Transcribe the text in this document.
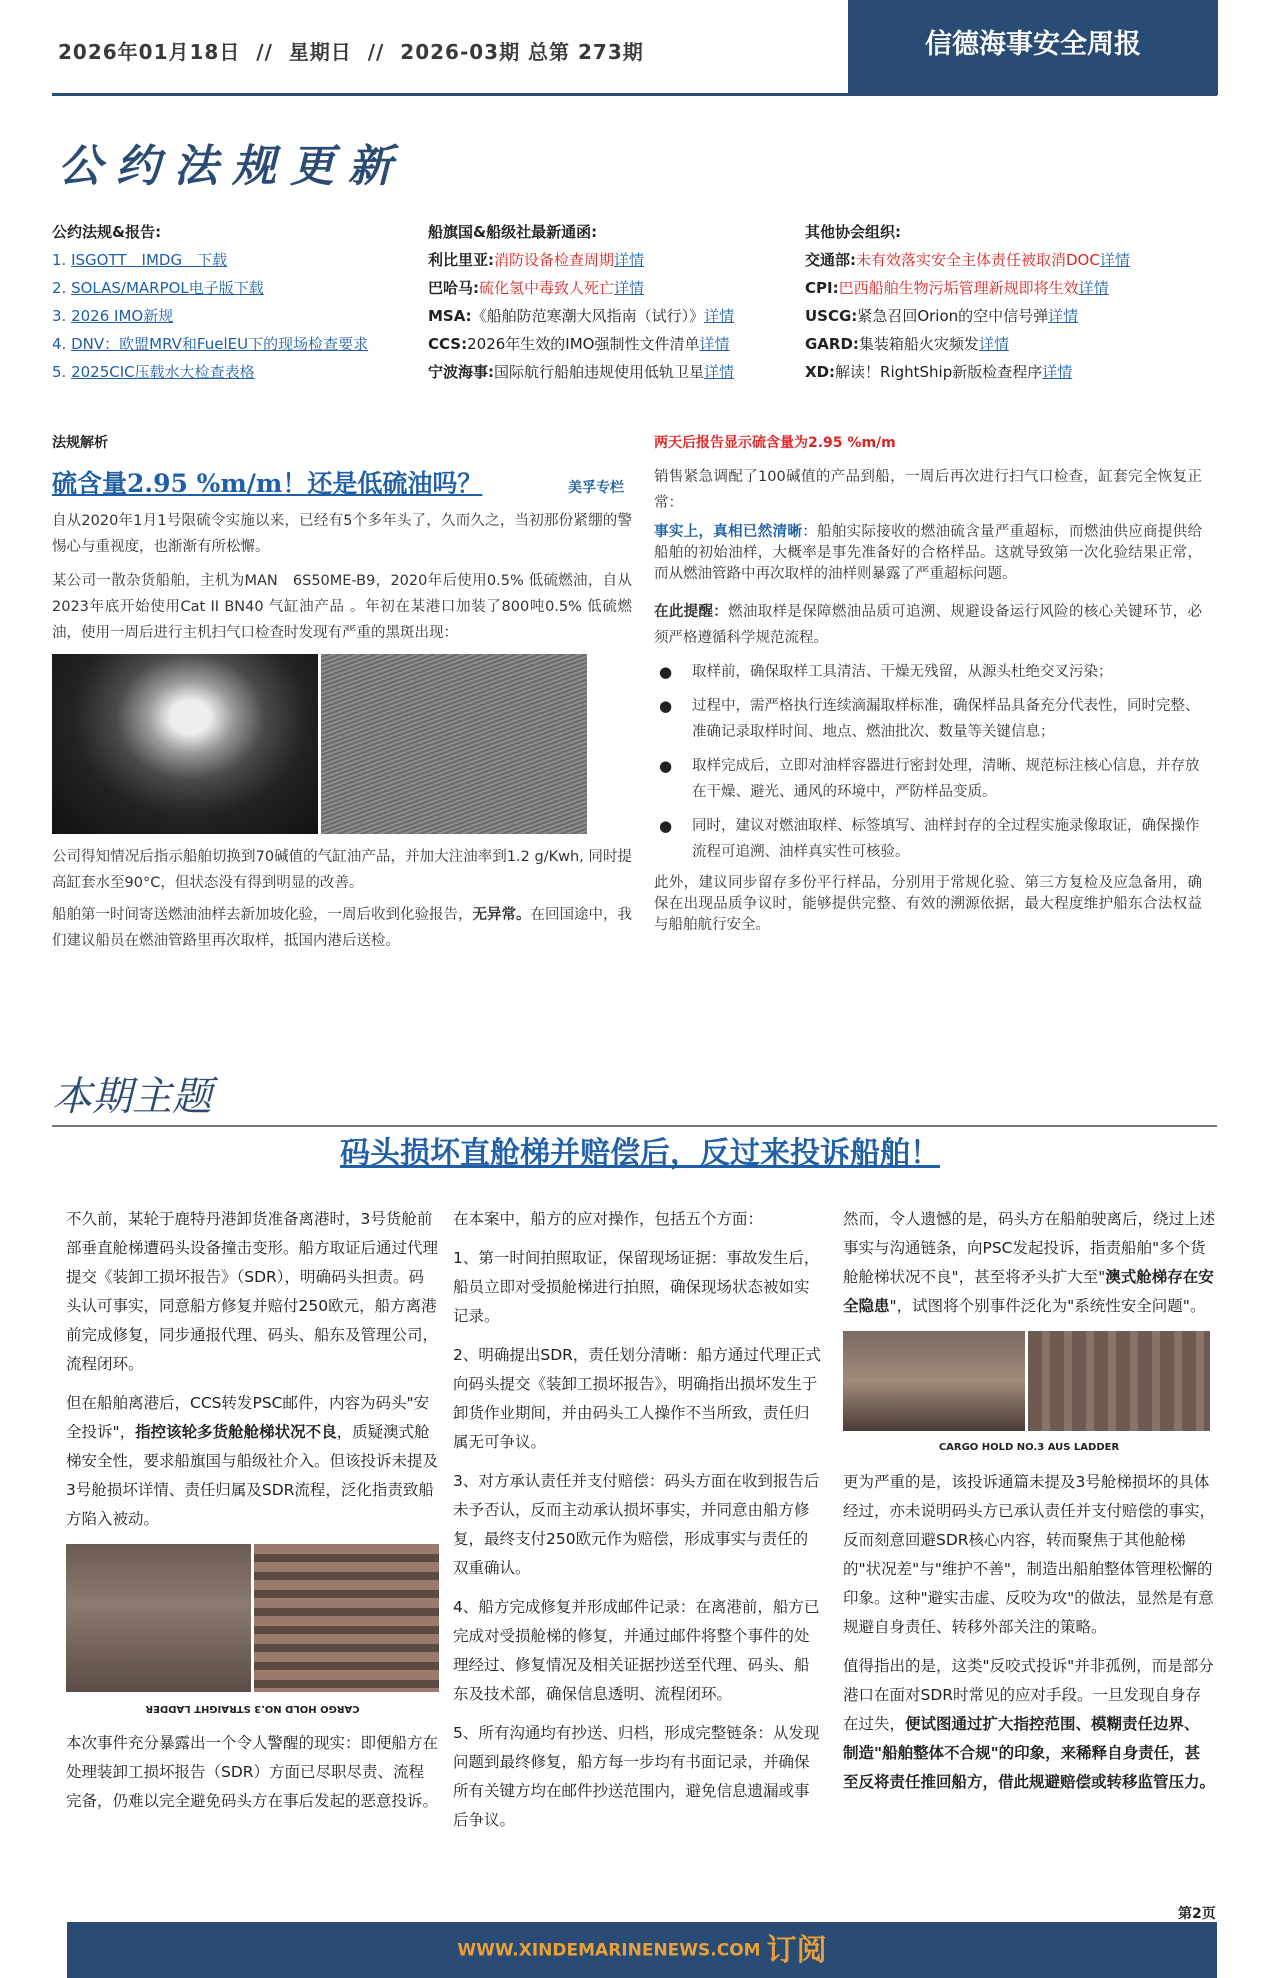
2026年01月18日 // 星期日 // 2026-03期 总第 273期	信德海事安全周报
公约法规更新
公约法规&报告:
1. ISGOTT　IMDG　下载
2. SOLAS/MARPOL电子版下载
3. 2026 IMO新规
4. DNV：欧盟MRV和FuelEU下的现场检查要求
5. 2025CIC压载水大检查表格
船旗国&船级社最新通函:
利比里亚:消防设备检查周期详情
巴哈马:硫化氢中毒致人死亡详情
MSA:《船舶防范寒潮大风指南（试行）》详情
CCS:2026年生效的IMO强制性文件清单详情
宁波海事:国际航行船舶违规使用低轨卫星详情
其他协会组织:
交通部:未有效落实安全主体责任被取消DOC详情
CPI:巴西船舶生物污垢管理新规即将生效详情
USCG:紧急召回Orion的空中信号弹详情
GARD:集装箱船火灾频发详情
XD:解读！RightShip新版检查程序详情
法规解析
硫含量2.95 %m/m！还是低硫油吗？	美孚专栏
自从2020年1月1号限硫令实施以来，已经有5个多年头了，久而久之，当初那份紧绷的警惕心与重视度，也渐渐有所松懈。
某公司一散杂货船舶，主机为MAN　6S50ME-B9，2020年后使用0.5% 低硫燃油，自从2023年底开始使用Cat II BN40 气缸油产品 。年初在某港口加装了800吨0.5% 低硫燃油，使用一周后进行主机扫气口检查时发现有严重的黑斑出现：
公司得知情况后指示船舶切换到70碱值的气缸油产品，并加大注油率到1.2 g/Kwh, 同时提高缸套水至90°C，但状态没有得到明显的改善。
船舶第一时间寄送燃油油样去新加坡化验，一周后收到化验报告，无异常。在回国途中，我们建议船员在燃油管路里再次取样，抵国内港后送检。
两天后报告显示硫含量为2.95 %m/m
销售紧急调配了100碱值的产品到船，一周后再次进行扫气口检查，缸套完全恢复正常：
事实上，真相已然清晰：船舶实际接收的燃油硫含量严重超标，而燃油供应商提供给船舶的初始油样，大概率是事先准备好的合格样品。这就导致第一次化验结果正常，而从燃油管路中再次取样的油样则暴露了严重超标问题。
在此提醒：燃油取样是保障燃油品质可追溯、规避设备运行风险的核心关键环节，必须严格遵循科学规范流程。
● 取样前，确保取样工具清洁、干燥无残留，从源头杜绝交叉污染；
● 过程中，需严格执行连续滴漏取样标准，确保样品具备充分代表性，同时完整、准确记录取样时间、地点、燃油批次、数量等关键信息；
● 取样完成后，立即对油样容器进行密封处理，清晰、规范标注核心信息，并存放在干燥、避光、通风的环境中，严防样品变质。
● 同时，建议对燃油取样、标签填写、油样封存的全过程实施录像取证，确保操作流程可追溯、油样真实性可核验。
此外，建议同步留存多份平行样品，分别用于常规化验、第三方复检及应急备用，确保在出现品质争议时，能够提供完整、有效的溯源依据，最大程度维护船东合法权益与船舶航行安全。
本期主题
码头损坏直舱梯并赔偿后，反过来投诉船舶！

不久前，某轮于鹿特丹港卸货准备离港时，3号货舱前部垂直舱梯遭码头设备撞击变形。船方取证后通过代理提交《装卸工损坏报告》（SDR），明确码头担责。码头认可事实，同意船方修复并赔付250欧元，船方离港前完成修复，同步通报代理、码头、船东及管理公司，流程闭环。

但在船舶离港后，CCS转发PSC邮件，内容为码头"安全投诉"，指控该轮多货舱舱梯状况不良，质疑澳式舱梯安全性，要求船旗国与船级社介入。但该投诉未提及3号舱损坏详情、责任归属及SDR流程，泛化指责致船方陷入被动。

CARGO HOLD NO.3 STRAIGHT LADDER

本次事件充分暴露出一个令人警醒的现实：即便船方在处理装卸工损坏报告（SDR）方面已尽职尽责、流程完备，仍难以完全避免码头方在事后发起的恶意投诉。

在本案中，船方的应对操作，包括五个方面：

1、第一时间拍照取证，保留现场证据：事故发生后，船员立即对受损舱梯进行拍照，确保现场状态被如实记录。

2、明确提出SDR，责任划分清晰：船方通过代理正式向码头提交《装卸工损坏报告》，明确指出损坏发生于卸货作业期间，并由码头工人操作不当所致，责任归属无可争议。

3、对方承认责任并支付赔偿：码头方面在收到报告后未予否认，反而主动承认损坏事实，并同意由船方修复，最终支付250欧元作为赔偿，形成事实与责任的双重确认。

4、船方完成修复并形成邮件记录：在离港前，船方已完成对受损舱梯的修复，并通过邮件将整个事件的处理经过、修复情况及相关证据抄送至代理、码头、船东及技术部，确保信息透明、流程闭环。

5、所有沟通均有抄送、归档，形成完整链条：从发现问题到最终修复，船方每一步均有书面记录，并确保所有关键方均在邮件抄送范围内，避免信息遗漏或事后争议。

然而，令人遗憾的是，码头方在船舶驶离后，绕过上述事实与沟通链条，向PSC发起投诉，指责船舶"多个货舱舱梯状况不良"，甚至将矛头扩大至"澳式舱梯存在安全隐患"，试图将个别事件泛化为"系统性安全问题"。

CARGO HOLD NO.3 AUS LADDER

更为严重的是，该投诉通篇未提及3号舱梯损坏的具体经过，亦未说明码头方已承认责任并支付赔偿的事实，反而刻意回避SDR核心内容，转而聚焦于其他舱梯的"状况差"与"维护不善"，制造出船舶整体管理松懈的印象。这种"避实击虚、反咬为攻"的做法，显然是有意规避自身责任、转移外部关注的策略。

值得指出的是，这类"反咬式投诉"并非孤例，而是部分港口在面对SDR时常见的应对手段。一旦发现自身存在过失，便试图通过扩大指控范围、模糊责任边界、制造"船舶整体不合规"的印象，来稀释自身责任，甚至反将责任推回船方，借此规避赔偿或转移监管压力。

第2页
WWW.XINDEMARINENEWS.COM 订阅
